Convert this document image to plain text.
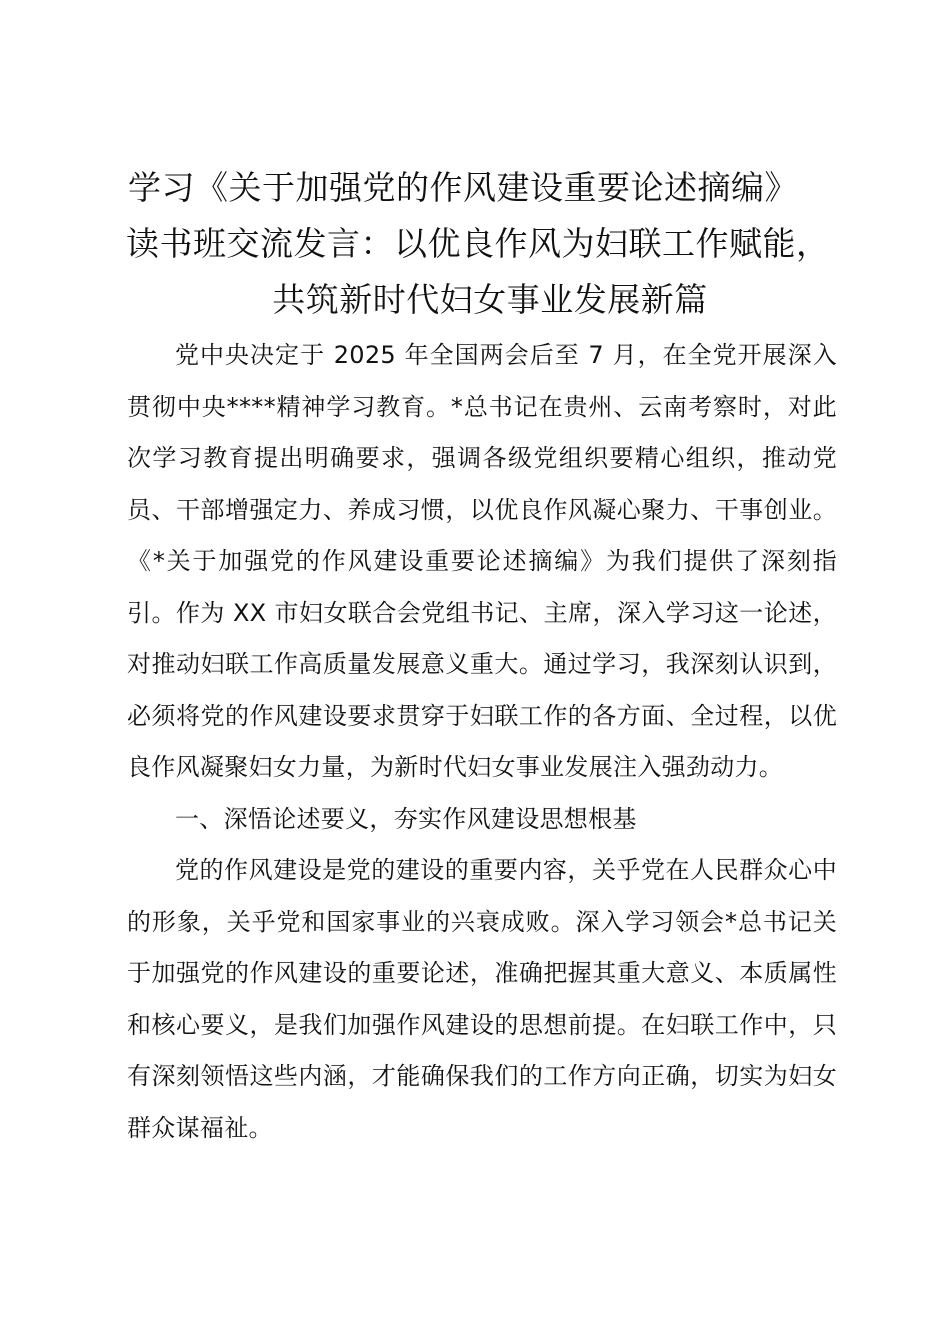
学习《关于加强党的作风建设重要论述摘编》
读书班交流发言：以优良作风为妇联工作赋能，
共筑新时代妇女事业发展新篇

党中央决定于 2025 年全国两会后至 7 月，在全党开展深入贯彻中央****精神学习教育。*总书记在贵州、云南考察时，对此次学习教育提出明确要求，强调各级党组织要精心组织，推动党员、干部增强定力、养成习惯，以优良作风凝心聚力、干事创业。《*关于加强党的作风建设重要论述摘编》为我们提供了深刻指引。作为 XX 市妇女联合会党组书记、主席，深入学习这一论述，对推动妇联工作高质量发展意义重大。通过学习，我深刻认识到，必须将党的作风建设要求贯穿于妇联工作的各方面、全过程，以优良作风凝聚妇女力量，为新时代妇女事业发展注入强劲动力。

一、深悟论述要义，夯实作风建设思想根基

党的作风建设是党的建设的重要内容，关乎党在人民群众心中的形象，关乎党和国家事业的兴衰成败。深入学习领会*总书记关于加强党的作风建设的重要论述，准确把握其重大意义、本质属性和核心要义，是我们加强作风建设的思想前提。在妇联工作中，只有深刻领悟这些内涵，才能确保我们的工作方向正确，切实为妇女群众谋福祉。
